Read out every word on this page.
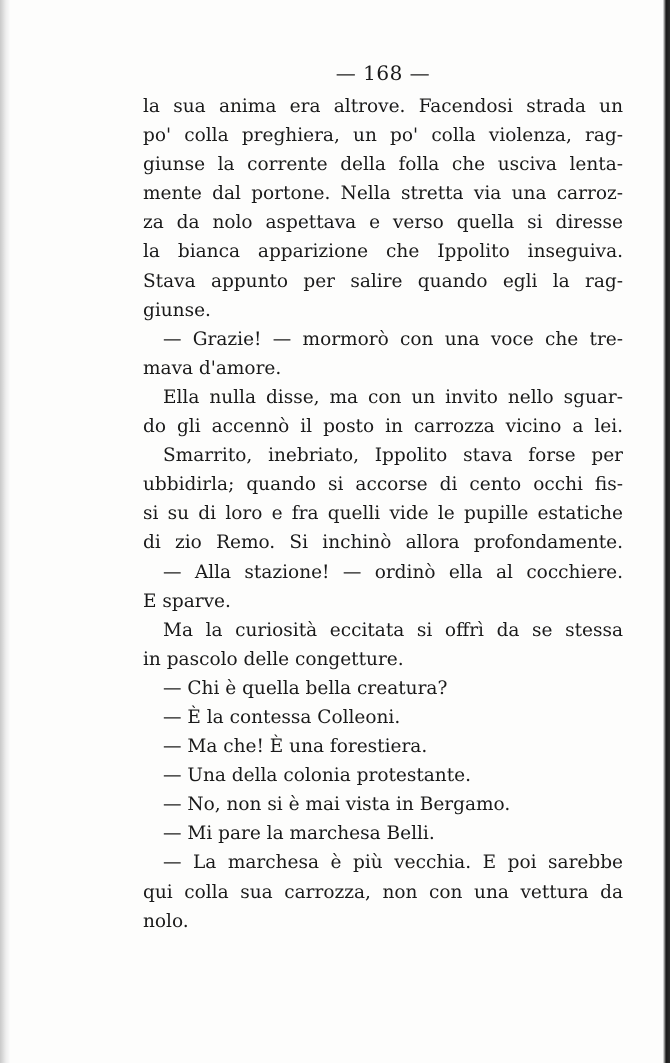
— 168 —
la sua anima era altrove. Facendosi strada un
po' colla preghiera, un po' colla violenza, rag-
giunse la corrente della folla che usciva lenta-
mente dal portone. Nella stretta via una carroz-
za da nolo aspettava e verso quella si diresse
la bianca apparizione che Ippolito inseguiva.
Stava appunto per salire quando egli la rag-
giunse.
— Grazie! — mormorò con una voce che tre-
mava d'amore.
Ella nulla disse, ma con un invito nello sguar-
do gli accennò il posto in carrozza vicino a lei.
Smarrito, inebriato, Ippolito stava forse per
ubbidirla; quando si accorse di cento occhi fis-
si su di loro e fra quelli vide le pupille estatiche
di zio Remo. Si inchinò allora profondamente.
— Alla stazione! — ordinò ella al cocchiere.
E sparve.
Ma la curiosità eccitata si offrì da se stessa
in pascolo delle congetture.
— Chi è quella bella creatura?
— È la contessa Colleoni.
— Ma che! È una forestiera.
— Una della colonia protestante.
— No, non si è mai vista in Bergamo.
— Mi pare la marchesa Belli.
— La marchesa è più vecchia. E poi sarebbe
qui colla sua carrozza, non con una vettura da
nolo.
